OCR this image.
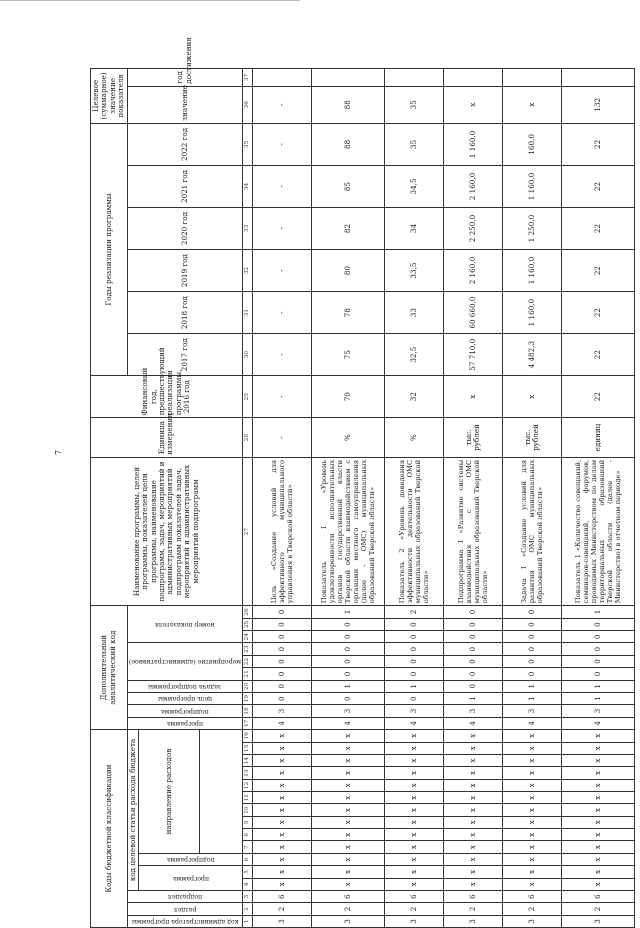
7
Коды бюджетной классификации																Дополнительный аналитический код										Наименование программы, целей программы, показателей цели программы, наименование подпрограмм, задач, мероприятий и административных мероприятий подпрограмм показателей задач, мероприятий и административных мероприятий подпрограмм	Единица измерения	Финансовый год, предшествующий реализации программы, 2016 год	Годы реализации программы						Целевое (суммарное) значение показателя	

код администратора программы	раздел	подраздел	код целевой статьи расхода бюджета													программа	подпрограмма	цель программы	задача подпрограммы	мероприятие (административное)			номер показателя						2017 год	2018 год	2019 год	2020 год	2021 год	2022 год	значение	год достижения

			программа		подпрограмма	направление расходов																														

1	2	3	4	5	6	7	8	9	10	11	12	13	14	15	16	17	18	19	20	21	22	23	24	25	26	27	28	29	30	31	32	33	34	35	36	37
3	2	6	x	x	x	x	x	x	x	x	x	x	x	x	x	4	3	0	0	0	0	0	0	0	0	Цель «Создание условий для эффективного муниципального управления в Тверской области»	-	-	-	-	-	-	-	-	-	
3	2	6	x	x	x	x	x	x	x	x	x	x	x	x	x	4	3	0	1	0	0	0	0	0	1	Показатель 1 «Уровень удовлетворенности исполнительных органов государственной власти Тверской области взаимодействием с органами местного самоуправления (далее - ОМС) муниципальных образований Тверской области»	%	70	75	78	80	82	85	88	88	
3	2	6	x	x	x	x	x	x	x	x	x	x	x	x	x	4	3	0	1	0	0	0	0	0	2	Показатель 2 «Уровень доведения эффективности деятельности ОМС муниципальных образований Тверской области»	%	32	32,5	33	33,5	34	34,5	35	35	
3	2	6	x	x	x	x	x	x	x	x	x	x	x	x	x	4	3	1	0	0	0	0	0	0	0	Подпрограмма 1 «Развитие системы взаимодействия с ОМС муниципальных образований Тверской области»	тыс. рублей	x	57 710,0	60 660,0	2 160,0	2 250,0	2 160,0	1 160,0	x	
3	2	6	x	x	x	x	x	x	x	x	x	x	x	x	x	4	3	1	1	0	0	0	0	0	0	Задача 1 «Создание условий для развития ОМС муниципальных образований Тверской области»	тыс. рублей	x	4 482,3	1 160,0	1 160,0	1 250,0	1 160,0	160,0	x	
3	2	6	x	x	x	x	x	x	x	x	x	x	x	x	x	4	3	1	1	0	0	0	0	0	1	Показатель 1 «Количество совещаний, семинаров-совещаний, форумов, проводимых Министерством по делам территориальных образований Тверской области (далее - Министерство) в отчетном периоде»	единиц	22	22	22	22	22	22	22	132	
